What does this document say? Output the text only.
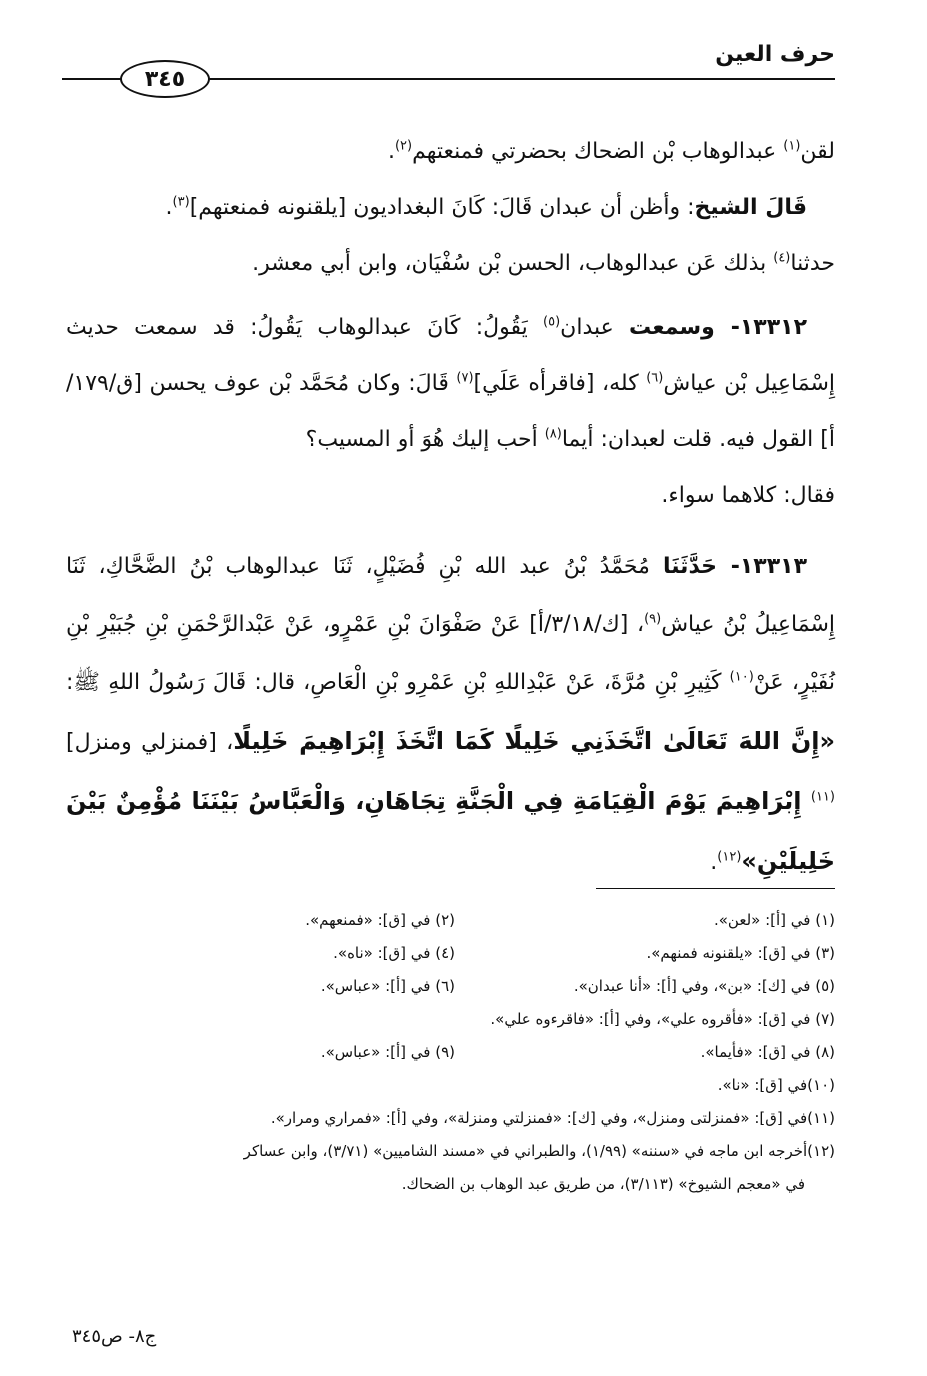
حرف العين
٣٤٥

لقن$^{(١)}$ عبدالوهاب بْن الضحاك بحضرتي فمنعتهم$^{(٢)}$.

قَالَ الشيخ: وأظن أن عبدان قَالَ: كَانَ البغداديون [يلقنونه فمنعتهم]$^{(٣)}$.

حدثنا$^{(٤)}$ بذلك عَن عبدالوهاب، الحسن بْن سُفْيَان، وابن أبي معشر.

١٣٣١٢- وسمعت عبدان$^{(٥)}$ يَقُولُ: كَانَ عبدالوهاب يَقُولُ: قد سمعت حديث إِسْمَاعِيل بْن عياش$^{(٦)}$ كله، [فاقرأه عَلَي]$^{(٧)}$ قَالَ: وكان مُحَمَّد بْن عوف يحسن [ق/١٧٩/أ] القول فيه. قلت لعبدان: أيما$^{(٨)}$ أحب إليك هُوَ أو المسيب؟

فقال: كلاهما سواء.

١٣٣١٣- حَدَّثَنَا مُحَمَّدُ بْنُ عبد الله بْنِ فُضَيْلٍ، ثَنَا عبدالوهاب بْنُ الضَّحَّاكِ، ثَنَا إِسْمَاعِيلُ بْنُ عياش$^{(٩)}$، [ك/٣/١٨/أ] عَنْ صَفْوَانَ بْنِ عَمْرٍو، عَنْ عَبْدالرَّحْمَنِ بْنِ جُبَيْرِ بْنِ نُفَيْرٍ، عَنْ$^{(١٠)}$ كَثِيرِ بْنِ مُرَّةَ، عَنْ عَبْدِاللهِ بْنِ عَمْرِو بْنِ الْعَاصِ، قال: قَالَ رَسُولُ اللهِ ﷺ: «إِنَّ اللهَ تَعَالَىٰ اتَّخَذَنِي خَلِيلًا كَمَا اتَّخَذَ إِبْرَاهِيمَ خَلِيلًا، [فمنزلي ومنزل]$^{(١١)}$ إِبْرَاهِيمَ يَوْمَ الْقِيَامَةِ فِي الْجَنَّةِ تِجَاهَانِ، وَالْعَبَّاسُ بَيْنَنَا مُؤْمِنٌ بَيْنَ خَلِيلَيْنِ»$^{(١٢)}$.

(١) في [أ]: «لعن».
(٢) في [ق]: «فمنعهم».
(٣) في [ق]: «يلقنونه فمنهم».
(٤) في [ق]: «ناه».
(٥) في [ك]: «بن»، وفي [أ]: «أنا عبدان».
(٦) في [أ]: «عباس».
(٧) في [ق]: «فأقروه علي»، وفي [أ]: «فاقرءوه علي».
(٨) في [ق]: «فأيما».
(٩) في [أ]: «عباس».
(١٠)في [ق]: «نا».
(١١)في [ق]: «فمنزلتى ومنزل»، وفي [ك]: «فمنزلتي ومنزلة»، وفي [أ]: «فمراري ومرار».
(١٢)أخرجه ابن ماجه في «سننه» (١/٩٩)، والطبراني في «مسند الشاميين» (٣/٧١)، وابن عساكر
في «معجم الشيوخ» (٣/١١٣)، من طريق عبد الوهاب بن الضحاك.
ج٨- ص٣٤٥
